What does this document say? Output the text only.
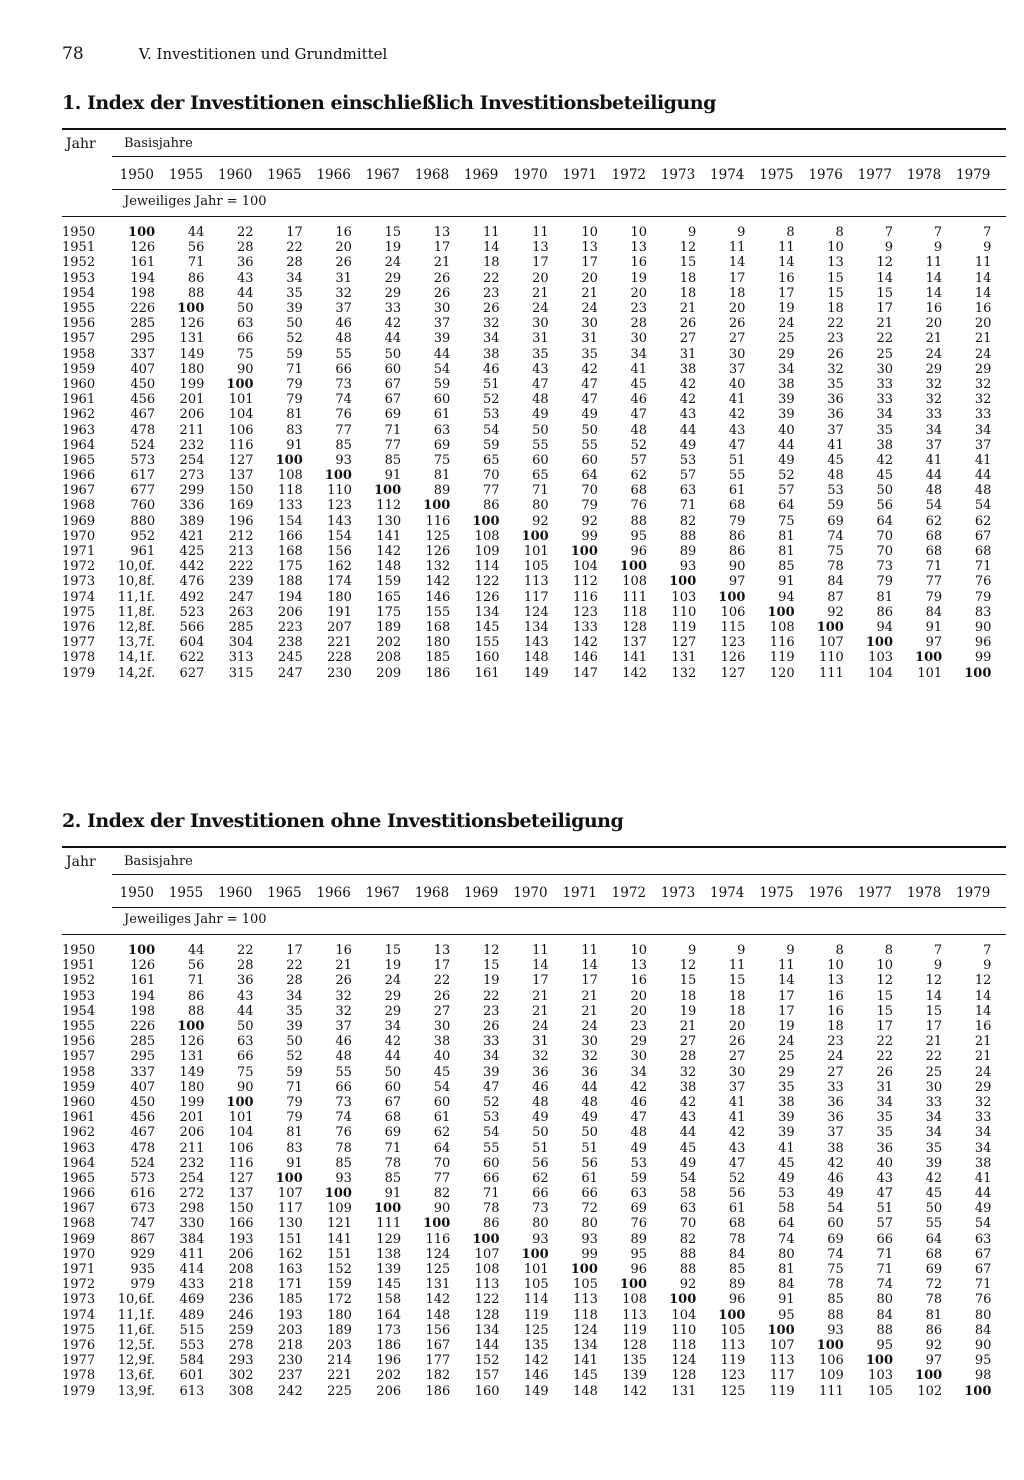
78	V. Investitionen und Grundmittel
1. Index der Investitionen einschließlich Investitionsbeteiligung
Jahr Basisjahre
1950	1955	1960	1965	1966	1967	1968	1969	1970	1971	1972	1973	1974	1975	1976	1977	1978	1979
Jeweiliges Jahr = 100
1950	100	44	22	17	16	15	13	11	11	10	10	9	9	8	8	7	7	7
1951	126	56	28	22	20	19	17	14	13	13	13	12	11	11	10	9	9	9
1952	161	71	36	28	26	24	21	18	17	17	16	15	14	14	13	12	11	11
1953	194	86	43	34	31	29	26	22	20	20	19	18	17	16	15	14	14	14
1954	198	88	44	35	32	29	26	23	21	21	20	18	18	17	15	15	14	14
1955	226	100	50	39	37	33	30	26	24	24	23	21	20	19	18	17	16	16
1956	285	126	63	50	46	42	37	32	30	30	28	26	26	24	22	21	20	20
1957	295	131	66	52	48	44	39	34	31	31	30	27	27	25	23	22	21	21
1958	337	149	75	59	55	50	44	38	35	35	34	31	30	29	26	25	24	24
1959	407	180	90	71	66	60	54	46	43	42	41	38	37	34	32	30	29	29
1960	450	199	100	79	73	67	59	51	47	47	45	42	40	38	35	33	32	32
1961	456	201	101	79	74	67	60	52	48	47	46	42	41	39	36	33	32	32
1962	467	206	104	81	76	69	61	53	49	49	47	43	42	39	36	34	33	33
1963	478	211	106	83	77	71	63	54	50	50	48	44	43	40	37	35	34	34
1964	524	232	116	91	85	77	69	59	55	55	52	49	47	44	41	38	37	37
1965	573	254	127	100	93	85	75	65	60	60	57	53	51	49	45	42	41	41
1966	617	273	137	108	100	91	81	70	65	64	62	57	55	52	48	45	44	44
1967	677	299	150	118	110	100	89	77	71	70	68	63	61	57	53	50	48	48
1968	760	336	169	133	123	112	100	86	80	79	76	71	68	64	59	56	54	54
1969	880	389	196	154	143	130	116	100	92	92	88	82	79	75	69	64	62	62
1970	952	421	212	166	154	141	125	108	100	99	95	88	86	81	74	70	68	67
1971	961	425	213	168	156	142	126	109	101	100	96	89	86	81	75	70	68	68
1972	10,0f.	442	222	175	162	148	132	114	105	104	100	93	90	85	78	73	71	71
1973	10,8f.	476	239	188	174	159	142	122	113	112	108	100	97	91	84	79	77	76
1974	11,1f.	492	247	194	180	165	146	126	117	116	111	103	100	94	87	81	79	79
1975	11,8f.	523	263	206	191	175	155	134	124	123	118	110	106	100	92	86	84	83
1976	12,8f.	566	285	223	207	189	168	145	134	133	128	119	115	108	100	94	91	90
1977	13,7f.	604	304	238	221	202	180	155	143	142	137	127	123	116	107	100	97	96
1978	14,1f.	622	313	245	228	208	185	160	148	146	141	131	126	119	110	103	100	99
1979	14,2f.	627	315	247	230	209	186	161	149	147	142	132	127	120	111	104	101	100
2. Index der Investitionen ohne Investitionsbeteiligung
Jahr Basisjahre
1950	1955	1960	1965	1966	1967	1968	1969	1970	1971	1972	1973	1974	1975	1976	1977	1978	1979
Jeweiliges Jahr = 100
1950	100	44	22	17	16	15	13	12	11	11	10	9	9	9	8	8	7	7
1951	126	56	28	22	21	19	17	15	14	14	13	12	11	11	10	10	9	9
1952	161	71	36	28	26	24	22	19	17	17	16	15	15	14	13	12	12	12
1953	194	86	43	34	32	29	26	22	21	21	20	18	18	17	16	15	14	14
1954	198	88	44	35	32	29	27	23	21	21	20	19	18	17	16	15	15	14
1955	226	100	50	39	37	34	30	26	24	24	23	21	20	19	18	17	17	16
1956	285	126	63	50	46	42	38	33	31	30	29	27	26	24	23	22	21	21
1957	295	131	66	52	48	44	40	34	32	32	30	28	27	25	24	22	22	21
1958	337	149	75	59	55	50	45	39	36	36	34	32	30	29	27	26	25	24
1959	407	180	90	71	66	60	54	47	46	44	42	38	37	35	33	31	30	29
1960	450	199	100	79	73	67	60	52	48	48	46	42	41	38	36	34	33	32
1961	456	201	101	79	74	68	61	53	49	49	47	43	41	39	36	35	34	33
1962	467	206	104	81	76	69	62	54	50	50	48	44	42	39	37	35	34	34
1963	478	211	106	83	78	71	64	55	51	51	49	45	43	41	38	36	35	34
1964	524	232	116	91	85	78	70	60	56	56	53	49	47	45	42	40	39	38
1965	573	254	127	100	93	85	77	66	62	61	59	54	52	49	46	43	42	41
1966	616	272	137	107	100	91	82	71	66	66	63	58	56	53	49	47	45	44
1967	673	298	150	117	109	100	90	78	73	72	69	63	61	58	54	51	50	49
1968	747	330	166	130	121	111	100	86	80	80	76	70	68	64	60	57	55	54
1969	867	384	193	151	141	129	116	100	93	93	89	82	78	74	69	66	64	63
1970	929	411	206	162	151	138	124	107	100	99	95	88	84	80	74	71	68	67
1971	935	414	208	163	152	139	125	108	101	100	96	88	85	81	75	71	69	67
1972	979	433	218	171	159	145	131	113	105	105	100	92	89	84	78	74	72	71
1973	10,6f.	469	236	185	172	158	142	122	114	113	108	100	96	91	85	80	78	76
1974	11,1f.	489	246	193	180	164	148	128	119	118	113	104	100	95	88	84	81	80
1975	11,6f.	515	259	203	189	173	156	134	125	124	119	110	105	100	93	88	86	84
1976	12,5f.	553	278	218	203	186	167	144	135	134	128	118	113	107	100	95	92	90
1977	12,9f.	584	293	230	214	196	177	152	142	141	135	124	119	113	106	100	97	95
1978	13,6f.	601	302	237	221	202	182	157	146	145	139	128	123	117	109	103	100	98
1979	13,9f.	613	308	242	225	206	186	160	149	148	142	131	125	119	111	105	102	100
